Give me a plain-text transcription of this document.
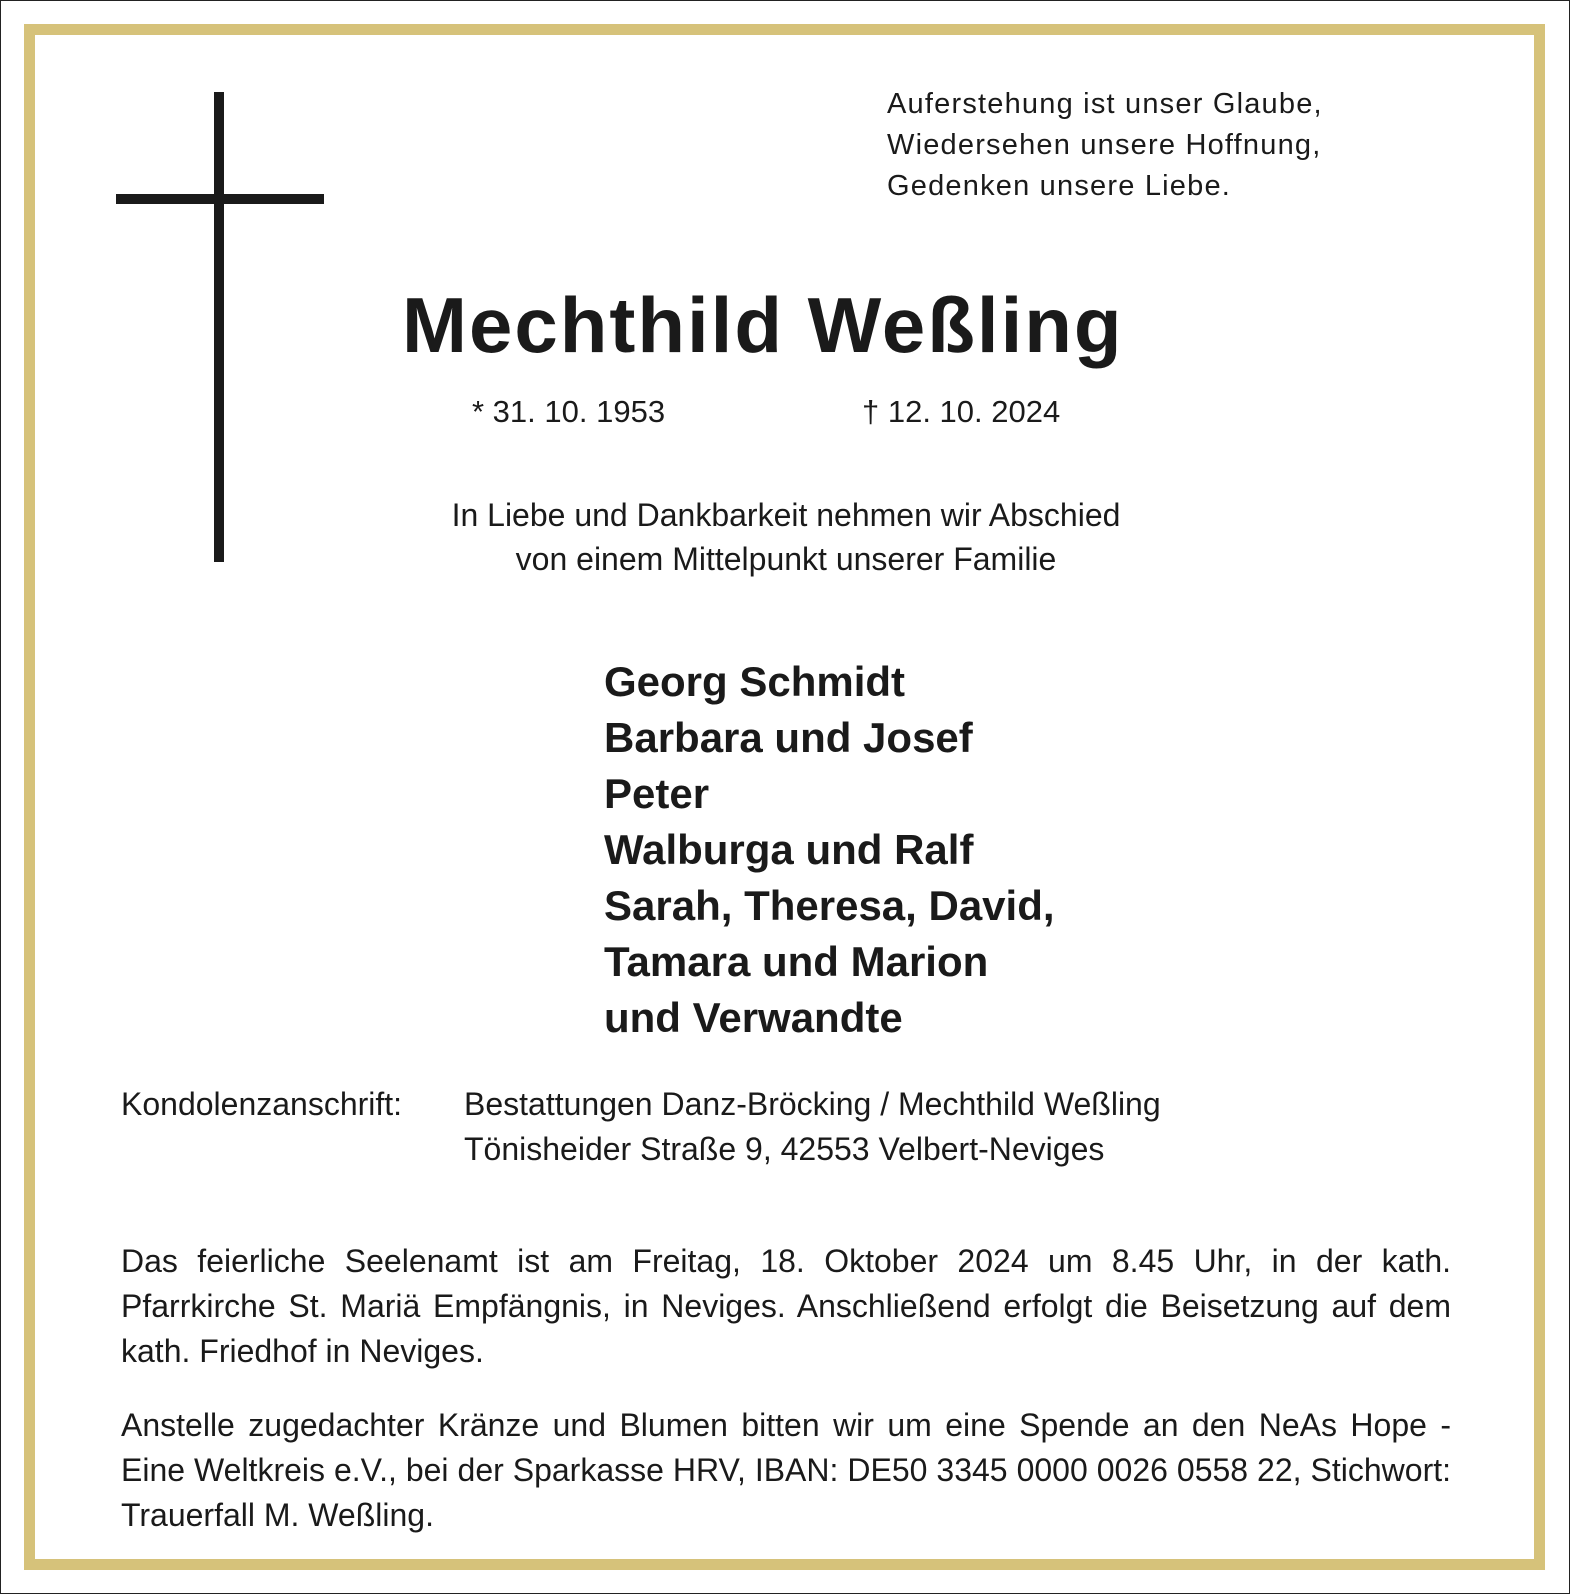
Auferstehung ist unser Glaube,
Wiedersehen unsere Hoffnung,
Gedenken unsere Liebe.
Mechthild Weßling
* 31. 10. 1953	† 12. 10. 2024
In Liebe und Dankbarkeit nehmen wir Abschied
von einem Mittelpunkt unserer Familie
Georg Schmidt
Barbara und Josef
Peter
Walburga und Ralf
Sarah, Theresa, David,
Tamara und Marion
und Verwandte
Kondolenzanschrift: Bestattungen Danz-Bröcking / Mechthild Weßling
Tönisheider Straße 9, 42553 Velbert-Neviges
Das feierliche Seelenamt ist am Freitag, 18. Oktober 2024 um 8.45 Uhr, in der kath. Pfarrkirche St. Mariä Empfängnis, in Neviges. Anschließend erfolgt die Beisetzung auf dem kath. Friedhof in Neviges.
Anstelle zugedachter Kränze und Blumen bitten wir um eine Spende an den NeAs Hope - Eine Weltkreis e.V., bei der Sparkasse HRV, IBAN: DE50 3345 0000 0026 0558 22, Stichwort: Trauerfall M. Weßling.
